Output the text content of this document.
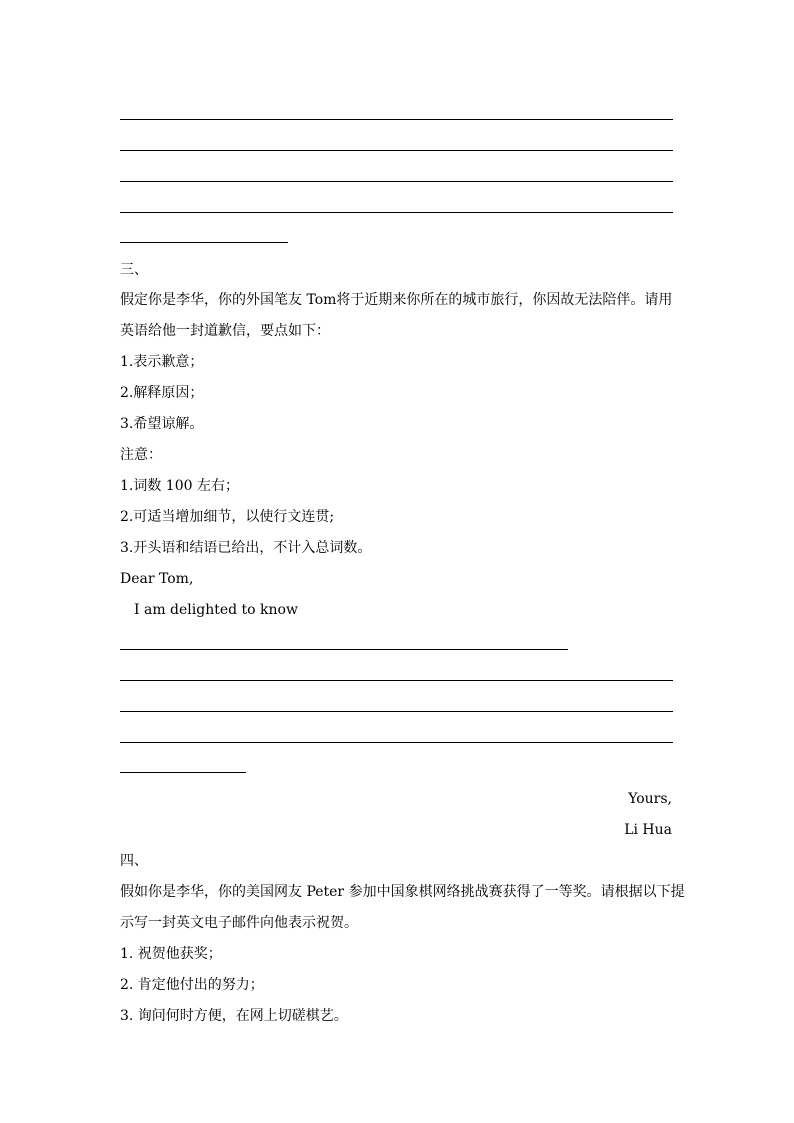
三、
假定你是李华，你的外国笔友 Tom将于近期来你所在的城市旅行，你因故无法陪伴。请用
英语给他一封道歉信，要点如下：
1.表示歉意；
2.解释原因；
3.希望谅解。
注意：
1.词数 100 左右；
2.可适当增加细节，以使行文连贯;
3.开头语和结语已给出，不计入总词数。
Dear Tom,
I am delighted to know
Yours,
Li Hua
四、
假如你是李华，你的美国网友 Peter 参加中国象棋网络挑战赛获得了一等奖。请根据以下提
示写一封英文电子邮件向他表示祝贺。
1. 祝贺他获奖；
2. 肯定他付出的努力；
3. 询问何时方便，在网上切磋棋艺。
